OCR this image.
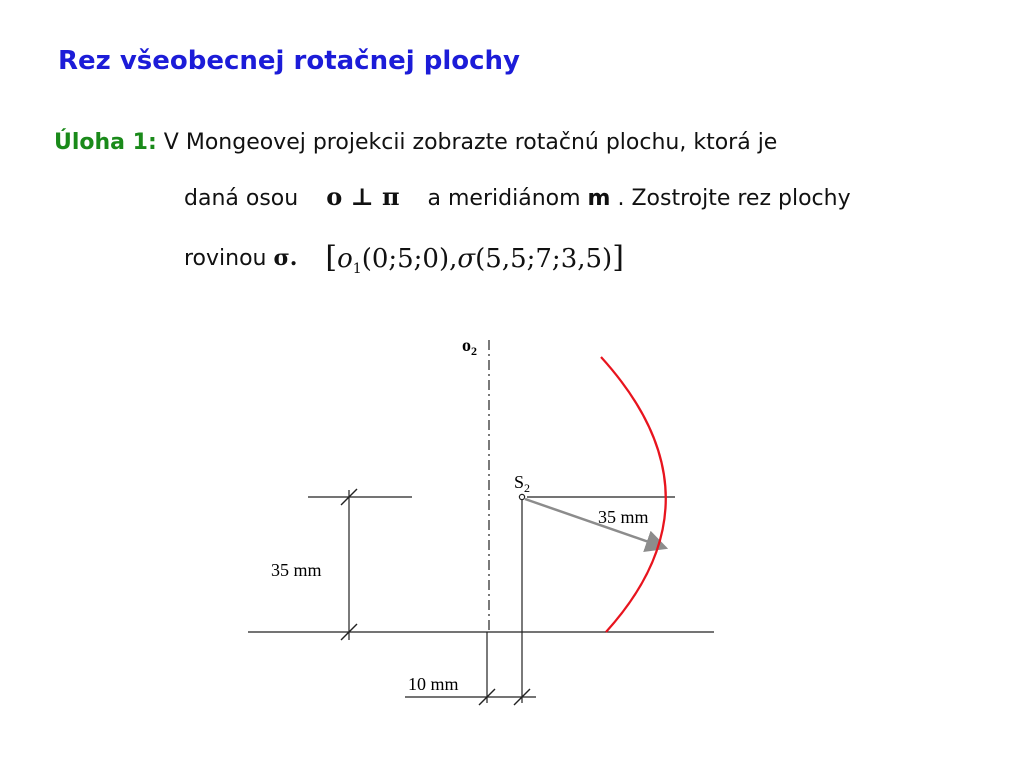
Rez všeobecnej rotačnej plochy
Úloha 1: V Mongeovej projekcii zobrazte rotačnú plochu, ktorá je
daná osou o ⊥ π a meridiánom m . Zostrojte rez plochy
rovinou σ. $[o_1(0;5;0),\sigma(5,5;7;3,5)]$
$o_2$
35 mm
10 mm
$S_2$
35 mm
